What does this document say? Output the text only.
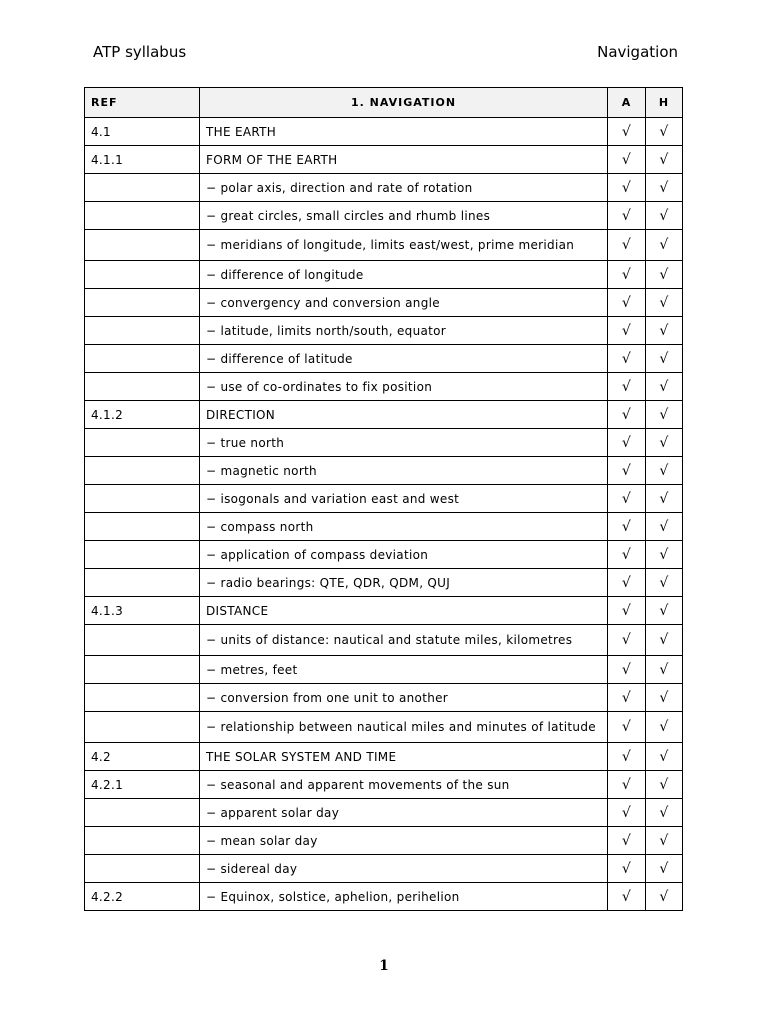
ATP syllabus	Navigation
REF	1. NAVIGATION	A	H
4.1	THE EARTH	√	√
4.1.1	FORM OF THE EARTH	√	√
	− polar axis, direction and rate of rotation	√	√
	− great circles, small circles and rhumb lines	√	√
	− meridians of longitude, limits east/west, prime meridian	√	√
	− difference of longitude	√	√
	− convergency and conversion angle	√	√
	− latitude, limits north/south, equator	√	√
	− difference of latitude	√	√
	− use of co-ordinates to fix position	√	√
4.1.2	DIRECTION	√	√
	− true north	√	√
	− magnetic north	√	√
	− isogonals and variation east and west	√	√
	− compass north	√	√
	− application of compass deviation	√	√
	− radio bearings: QTE, QDR, QDM, QUJ	√	√
4.1.3	DISTANCE	√	√
	− units of distance: nautical and statute miles, kilometres	√	√
	− metres, feet	√	√
	− conversion from one unit to another	√	√
	− relationship between nautical miles and minutes of latitude	√	√
4.2	THE SOLAR SYSTEM AND TIME	√	√
4.2.1	− seasonal and apparent movements of the sun	√	√
	− apparent solar day	√	√
	− mean solar day	√	√
	− sidereal day	√	√
4.2.2	− Equinox, solstice, aphelion, perihelion	√	√
1
